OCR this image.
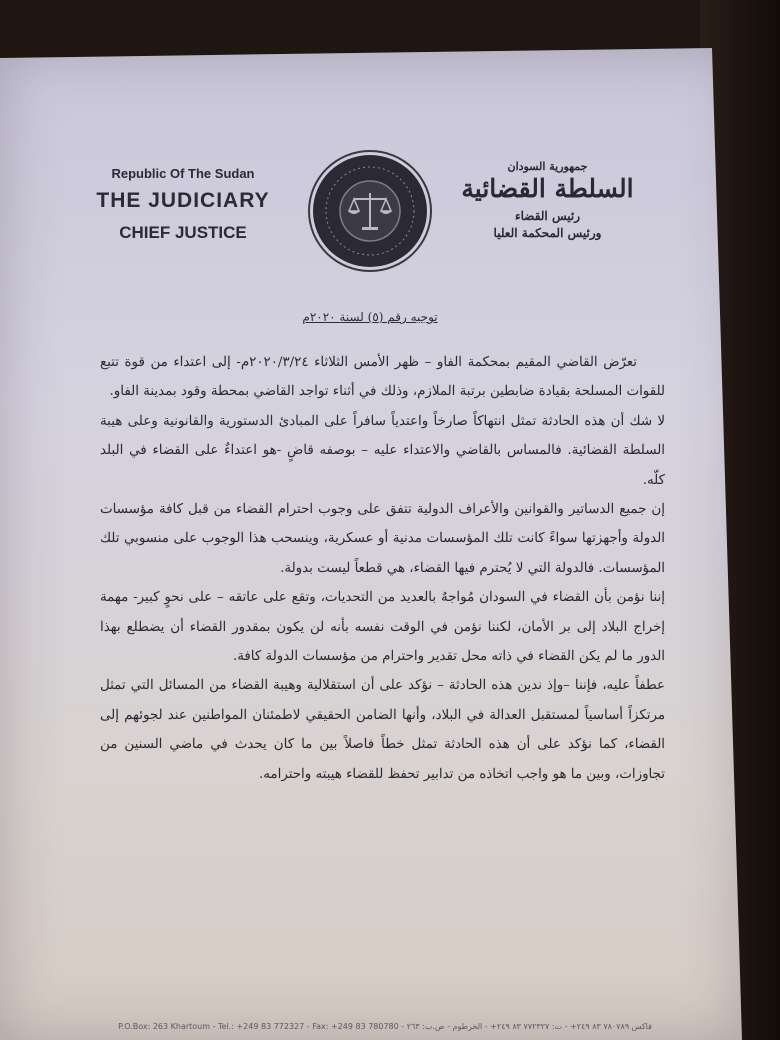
Republic Of The Sudan
THE JUDICIARY
CHIEF JUSTICE
جمهورية السودان
السلطة القضائية
رئيس القضاء
ورئيس المحكمة العليا
توجيه رقم (٥) لسنة ٢٠٢٠م

تعرّض القاضي المقيم بمحكمة الفاو – ظهر الأمس الثلاثاء ٢٠٢٠/٣/٢٤م- إلى اعتداء من قوة تتبع للقوات المسلحة بقيادة ضابطين برتبة الملازم، وذلك في أثناء تواجد القاضي بمحطة وقود بمدينة الفاو.

لا شك أن هذه الحادثة تمثل انتهاكاً صارخاً واعتدياً سافراً على المبادئ الدستورية والقانونية وعلى هيبة السلطة القضائية. فالمساس بالقاضي والاعتداء عليه – بوصفه قاضٍ -هو اعتداءٌ على القضاء في البلد كلّه.

إن جميع الدساتير والقوانين والأعراف الدولية تتفق على وجوب احترام القضاء من قبل كافة مؤسسات الدولة وأجهزتها سواءً كانت تلك المؤسسات مدنية أو عسكرية، وينسحب هذا الوجوب على منسوبي تلك المؤسسات. فالدولة التي لا يُحترم فيها القضاء، هي قطعاً ليست بدولة.

إننا نؤمن بأن القضاء في السودان مُواجهٌ بالعديد من التحديات، وتقع على عاتقه – على نحوٍ كبير- مهمة إخراج البلاد إلى بر الأمان، لكننا نؤمن في الوقت نفسه بأنه لن يكون بمقدور القضاء أن يضطلع بهذا الدور ما لم يكن القضاء في ذاته محل تقدير واحترام من مؤسسات الدولة كافة.

عطفاً عليه، فإننا –وإذ ندين هذه الحادثة – نؤكد على أن استقلالية وهيبة القضاء من المسائل التي تمثل مرتكزاً أساسياً لمستقبل العدالة في البلاد، وأنها الضامن الحقيقي لاطمئنان المواطنين عند لجوئهم إلى القضاء، كما نؤكد على أن هذه الحادثة تمثل خطاً فاصلاً بين ما كان يحدث في ماضي السنين من تجاوزات، وبين ما هو واجب اتخاذه من تدابير تحفظ للقضاء هيبته واحترامه.

P.O.Box: 263 Khartoum - Tel.: +249 83 772327 - Fax: +249 83 780780 - فاكس ٧٨٠٧٨٩ ٨٣ ٢٤٩+ - ت: ٧٧٢٣٢٧ ٨٣ ٢٤٩+ - الخرطوم - ص.ب: ٢٦٣
